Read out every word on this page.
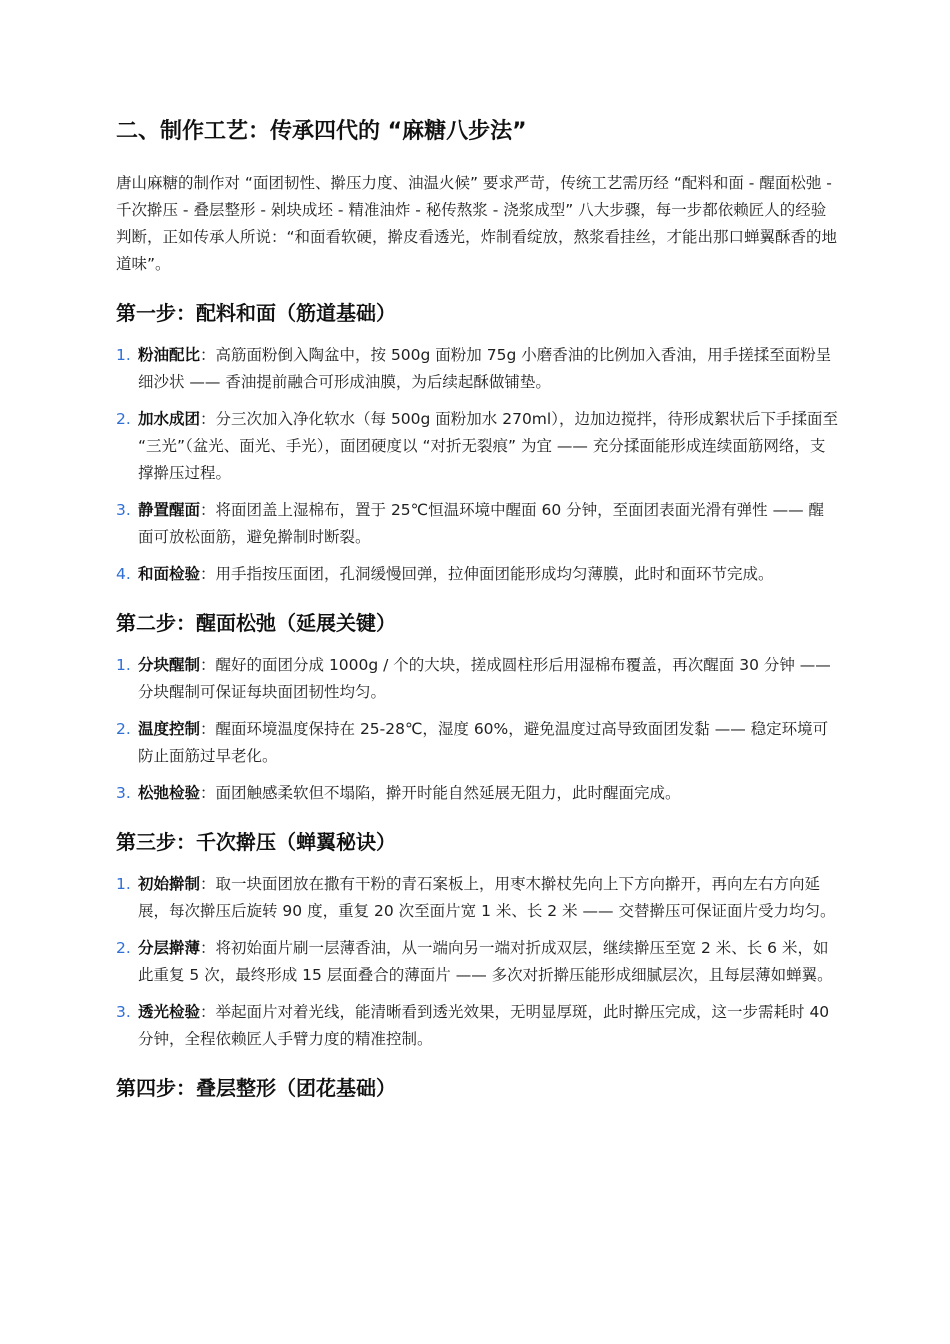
二、制作工艺：传承四代的 “麻糖八步法”

唐山麻糖的制作对 “面团韧性、擀压力度、油温火候” 要求严苛，传统工艺需历经 “配料和面 - 醒面松弛 - 千次擀压 - 叠层整形 - 剁块成坯 - 精准油炸 - 秘传熬浆 - 浇浆成型” 八大步骤，每一步都依赖匠人的经验判断，正如传承人所说：“和面看软硬，擀皮看透光，炸制看绽放，熬浆看挂丝，才能出那口蝉翼酥香的地道味”。

第一步：配料和面（筋道基础）
1. 粉油配比：高筋面粉倒入陶盆中，按 500g 面粉加 75g 小磨香油的比例加入香油，用手搓揉至面粉呈细沙状 —— 香油提前融合可形成油膜，为后续起酥做铺垫。
2. 加水成团：分三次加入净化软水（每 500g 面粉加水 270ml），边加边搅拌，待形成絮状后下手揉面至 “三光”（盆光、面光、手光），面团硬度以 “对折无裂痕” 为宜 —— 充分揉面能形成连续面筋网络，支撑擀压过程。
3. 静置醒面：将面团盖上湿棉布，置于 25℃恒温环境中醒面 60 分钟，至面团表面光滑有弹性 —— 醒面可放松面筋，避免擀制时断裂。
4. 和面检验：用手指按压面团，孔洞缓慢回弹，拉伸面团能形成均匀薄膜，此时和面环节完成。
第二步：醒面松弛（延展关键）
1. 分块醒制：醒好的面团分成 1000g / 个的大块，搓成圆柱形后用湿棉布覆盖，再次醒面 30 分钟 —— 分块醒制可保证每块面团韧性均匀。
2. 温度控制：醒面环境温度保持在 25-28℃，湿度 60%，避免温度过高导致面团发黏 —— 稳定环境可防止面筋过早老化。
3. 松弛检验：面团触感柔软但不塌陷，擀开时能自然延展无阻力，此时醒面完成。
第三步：千次擀压（蝉翼秘诀）
1. 初始擀制：取一块面团放在撒有干粉的青石案板上，用枣木擀杖先向上下方向擀开，再向左右方向延展，每次擀压后旋转 90 度，重复 20 次至面片宽 1 米、长 2 米 —— 交替擀压可保证面片受力均匀。
2. 分层擀薄：将初始面片刷一层薄香油，从一端向另一端对折成双层，继续擀压至宽 2 米、长 6 米，如此重复 5 次，最终形成 15 层面叠合的薄面片 —— 多次对折擀压能形成细腻层次，且每层薄如蝉翼。
3. 透光检验：举起面片对着光线，能清晰看到透光效果，无明显厚斑，此时擀压完成，这一步需耗时 40 分钟，全程依赖匠人手臂力度的精准控制。
第四步：叠层整形（团花基础）
